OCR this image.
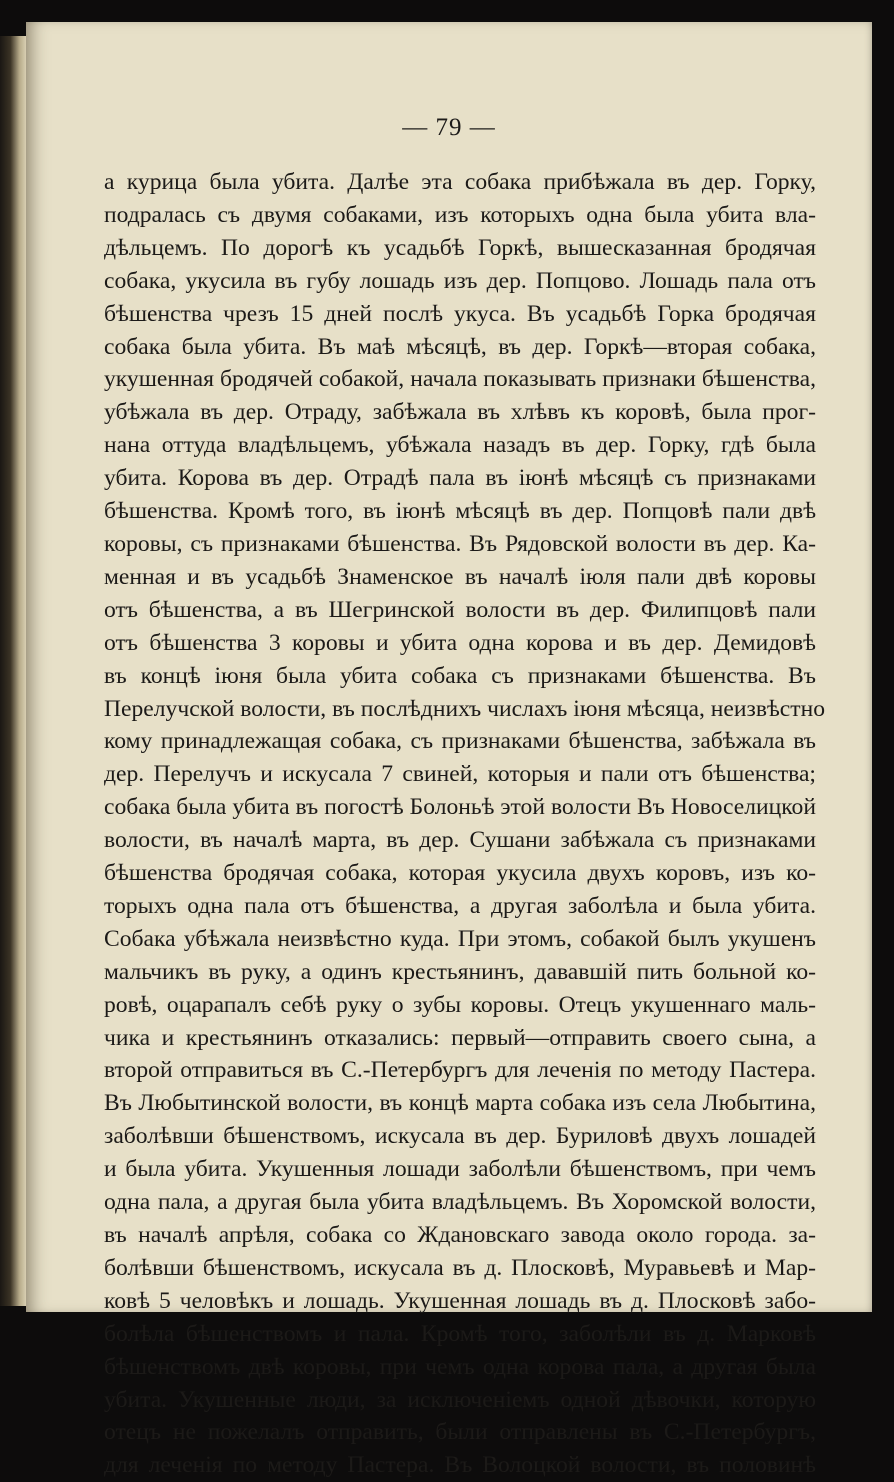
— 79 —
а курица была убита. Далѣе эта собака прибѣжала въ дер. Горку,
подралась съ двумя собаками, изъ которыхъ одна была убита вла-
дѣльцемъ. По дорогѣ къ усадьбѣ Горкѣ, вышесказанная бродячая
собака, укусила въ губу лошадь изъ дер. Попцово. Лошадь пала отъ
бѣшенства чрезъ 15 дней послѣ укуса. Въ усадьбѣ Горка бродячая
собака была убита. Въ маѣ мѣсяцѣ, въ дер. Горкѣ—вторая собака,
укушенная бродячей собакой, начала показывать признаки бѣшенства,
убѣжала въ дер. Отраду, забѣжала въ хлѣвъ къ коровѣ, была прог-
нана оттуда владѣльцемъ, убѣжала назадъ въ дер. Горку, гдѣ была
убита. Корова въ дер. Отрадѣ пала въ іюнѣ мѣсяцѣ съ признаками
бѣшенства. Кромѣ того, въ іюнѣ мѣсяцѣ въ дер. Попцовѣ пали двѣ
коровы, съ признаками бѣшенства. Въ Рядовской волости въ дер. Ка-
менная и въ усадьбѣ Знаменское въ началѣ іюля пали двѣ коровы
отъ бѣшенства, а въ Шегринской волости въ дер. Филипцовѣ пали
отъ бѣшенства 3 коровы и убита одна корова и въ дер. Демидовѣ
въ концѣ іюня была убита собака съ признаками бѣшенства. Въ
Перелучской волости, въ послѣднихъ числахъ іюня мѣсяца, неизвѣстно
кому принадлежащая собака, съ признаками бѣшенства, забѣжала въ
дер. Перелучъ и искусала 7 свиней, которыя и пали отъ бѣшенства;
собака была убита въ погостѣ Болоньѣ этой волости Въ Новоселицкой
волости, въ началѣ марта, въ дер. Сушани забѣжала съ признаками
бѣшенства бродячая собака, которая укусила двухъ коровъ, изъ ко-
торыхъ одна пала отъ бѣшенства, а другая заболѣла и была убита.
Собака убѣжала неизвѣстно куда. При этомъ, собакой былъ укушенъ
мальчикъ въ руку, а одинъ крестьянинъ, дававшій пить больной ко-
ровѣ, оцарапалъ себѣ руку о зубы коровы. Отецъ укушеннаго маль-
чика и крестьянинъ отказались: первый—отправить своего сына, а
второй отправиться въ С.-Петербургъ для леченія по методу Пастера.
Въ Любытинской волости, въ концѣ марта собака изъ села Любытина,
заболѣвши бѣшенствомъ, искусала въ дер. Буриловѣ двухъ лошадей
и была убита. Укушенныя лошади заболѣли бѣшенствомъ, при чемъ
одна пала, а другая была убита владѣльцемъ. Въ Хоромской волости,
въ началѣ апрѣля, собака со Ждановскаго завода около города. за-
болѣвши бѣшенствомъ, искусала въ д. Плосковѣ, Муравьевѣ и Мар-
ковѣ 5 человѣкъ и лошадь. Укушенная лошадь въ д. Плосковѣ забо-
болѣла бѣшенствомъ и пала. Кромѣ того, заболѣли въ д. Марковѣ
бѣшенствомъ двѣ коровы, при чемъ одна корова пала, а другая была
убита. Укушенные люди, за исключеніемъ одной дѣвочки, которую
отецъ не пожелалъ отправить, были отправлены въ С.-Петербургъ,
для леченія по методу Пастера. Въ Волоцкой волости, въ половинѣ
